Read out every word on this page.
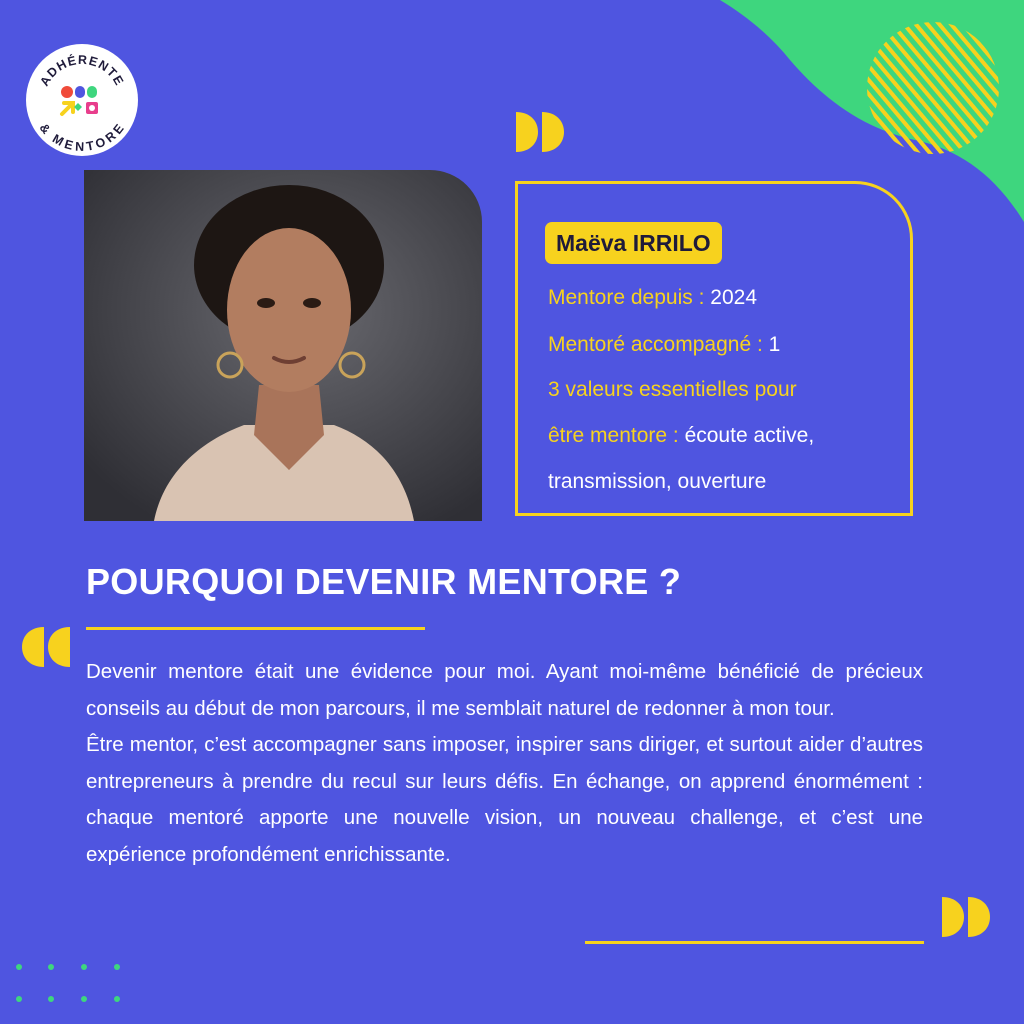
ADHÉRENTE
& MENTORE
Maëva IRRILO
Mentore depuis : 2024
Mentoré accompagné : 1
3 valeurs essentielles pour
être mentore : écoute active,
transmission, ouverture
POURQUOI DEVENIR MENTORE ?

Devenir mentore était une évidence pour moi. Ayant moi-même bénéficié de précieux conseils au début de mon parcours, il me semblait naturel de redonner à mon tour.

Être mentor, c’est accompagner sans imposer, inspirer sans diriger, et surtout aider d’autres entrepreneurs à prendre du recul sur leurs défis. En échange, on apprend énormément : chaque mentoré apporte une nouvelle vision, un nouveau challenge, et c’est une expérience profondément enrichissante.
